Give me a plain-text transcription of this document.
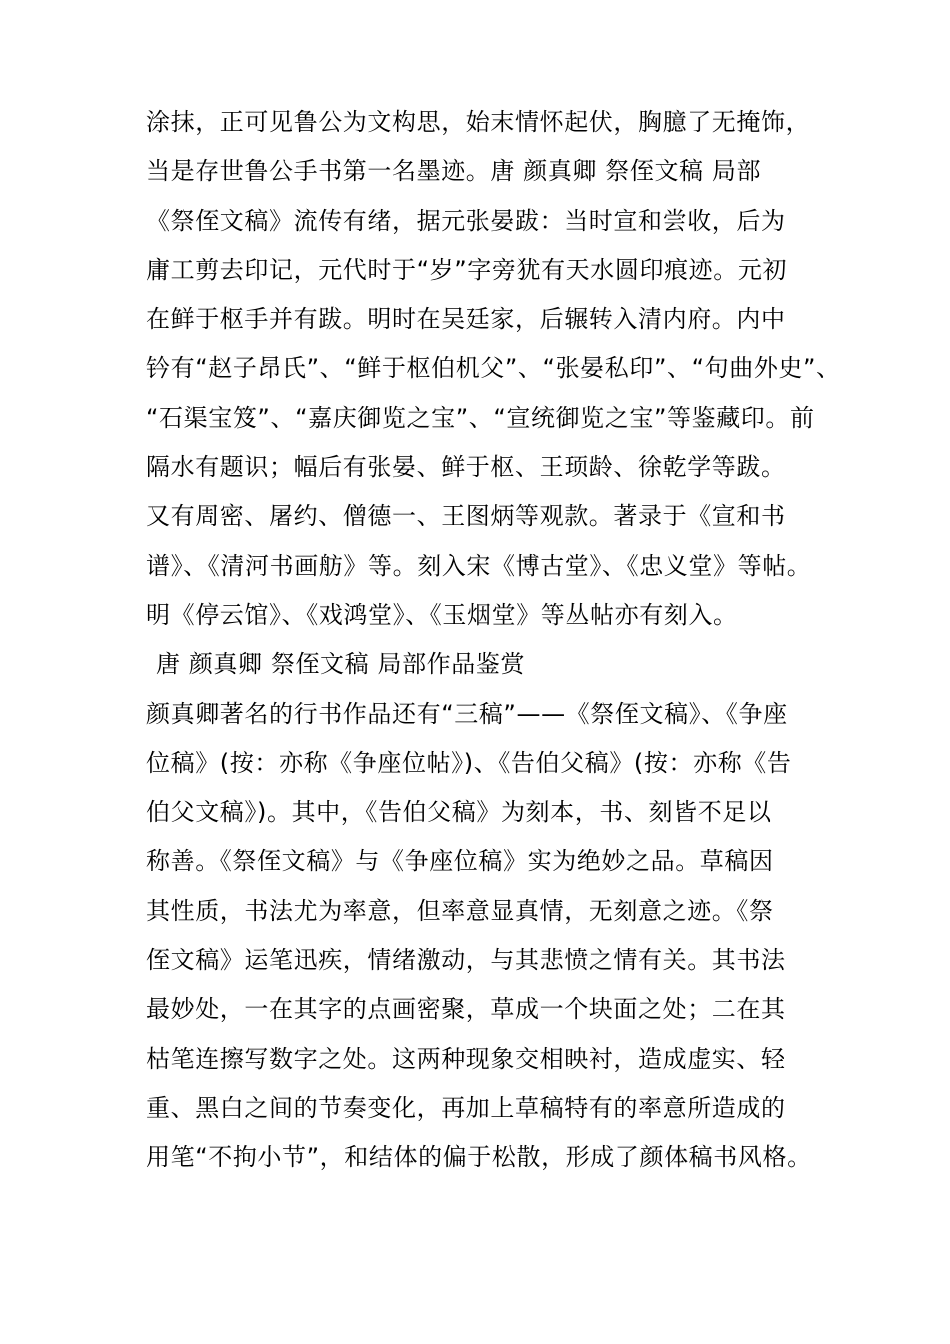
涂抹，正可见鲁公为文构思，始末情怀起伏，胸臆了无掩饰，
当是存世鲁公手书第一名墨迹。唐 颜真卿 祭侄文稿 局部
《祭侄文稿》流传有绪，据元张晏跋：当时宣和尝收，后为
庸工剪去印记，元代时于“岁”字旁犹有天水圆印痕迹。元初
在鲜于枢手并有跋。明时在吴廷家，后辗转入清内府。内中
钤有“赵子昂氏”、“鲜于枢伯机父”、“张晏私印”、“句曲外史”、
“石渠宝笈”、“嘉庆御览之宝”、“宣统御览之宝”等鉴藏印。前
隔水有题识；幅后有张晏、鲜于枢、王顼龄、徐乾学等跋。
又有周密、屠约、僧德一、王图炳等观款。著录于《宣和书
谱》、《清河书画舫》等。刻入宋《博古堂》、《忠义堂》等帖。
明《停云馆》、《戏鸿堂》、《玉烟堂》等丛帖亦有刻入。
唐 颜真卿 祭侄文稿 局部作品鉴赏
颜真卿著名的行书作品还有“三稿”——《祭侄文稿》、《争座
位稿》(按：亦称《争座位帖》)、《告伯父稿》(按：亦称《告
伯父文稿》)。其中，《告伯父稿》为刻本，书、刻皆不足以
称善。《祭侄文稿》与《争座位稿》实为绝妙之品。草稿因
其性质，书法尤为率意，但率意显真情，无刻意之迹。《祭
侄文稿》运笔迅疾，情绪激动，与其悲愤之情有关。其书法
最妙处，一在其字的点画密聚，草成一个块面之处；二在其
枯笔连擦写数字之处。这两种现象交相映衬，造成虚实、轻
重、黑白之间的节奏变化，再加上草稿特有的率意所造成的
用笔“不拘小节”，和结体的偏于松散，形成了颜体稿书风格。
